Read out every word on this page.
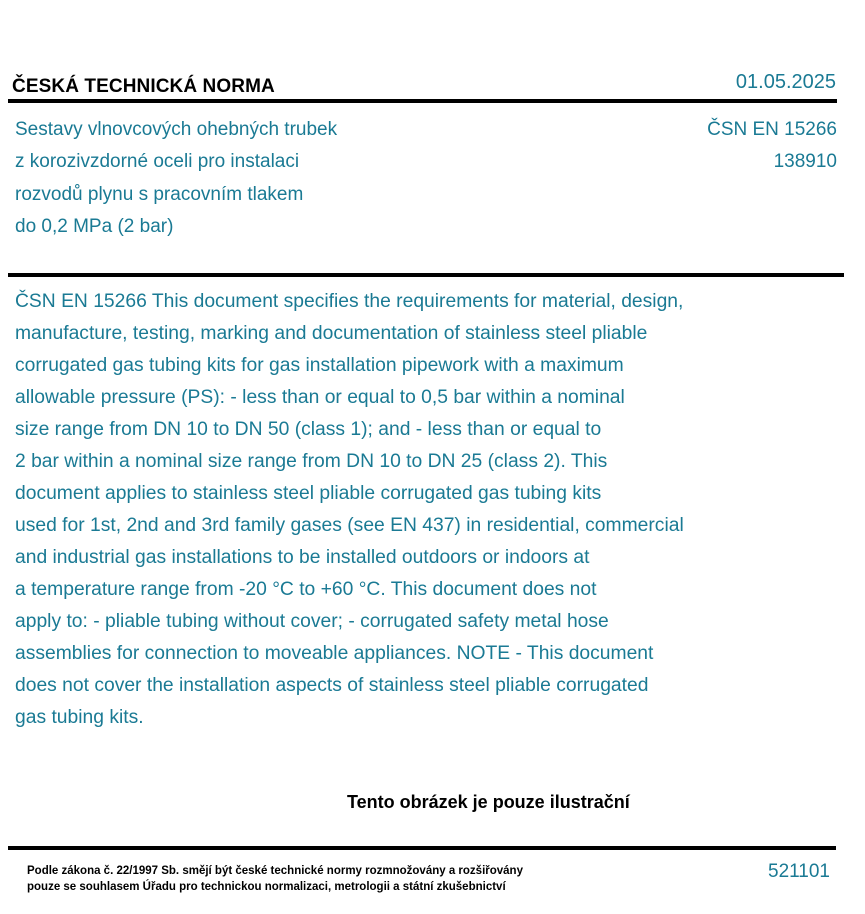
ČESKÁ TECHNICKÁ NORMA	01.05.2025
Sestavy vlnovcových ohebných trubek
z korozivzdorné oceli pro instalaci
rozvodů plynu s pracovním tlakem
do 0,2 MPa (2 bar)
ČSN EN 15266
138910
ČSN EN 15266 This document specifies the requirements for material, design,
manufacture, testing, marking and documentation of stainless steel pliable
corrugated gas tubing kits for gas installation pipework with a maximum
allowable pressure (PS): - less than or equal to 0,5 bar within a nominal
size range from DN 10 to DN 50 (class 1); and - less than or equal to
2 bar within a nominal size range from DN 10 to DN 25 (class 2). This
document applies to stainless steel pliable corrugated gas tubing kits
used for 1st, 2nd and 3rd family gases (see EN 437) in residential, commercial
and industrial gas installations to be installed outdoors or indoors at
a temperature range from -20 °C to +60 °C. This document does not
apply to: - pliable tubing without cover; - corrugated safety metal hose
assemblies for connection to moveable appliances. NOTE - This document
does not cover the installation aspects of stainless steel pliable corrugated
gas tubing kits.
Tento obrázek je pouze ilustrační
Podle zákona č. 22/1997 Sb. smějí být české technické normy rozmnožovány a rozšiřovány
pouze se souhlasem Úřadu pro technickou normalizaci, metrologii a státní zkušebnictví
521101
